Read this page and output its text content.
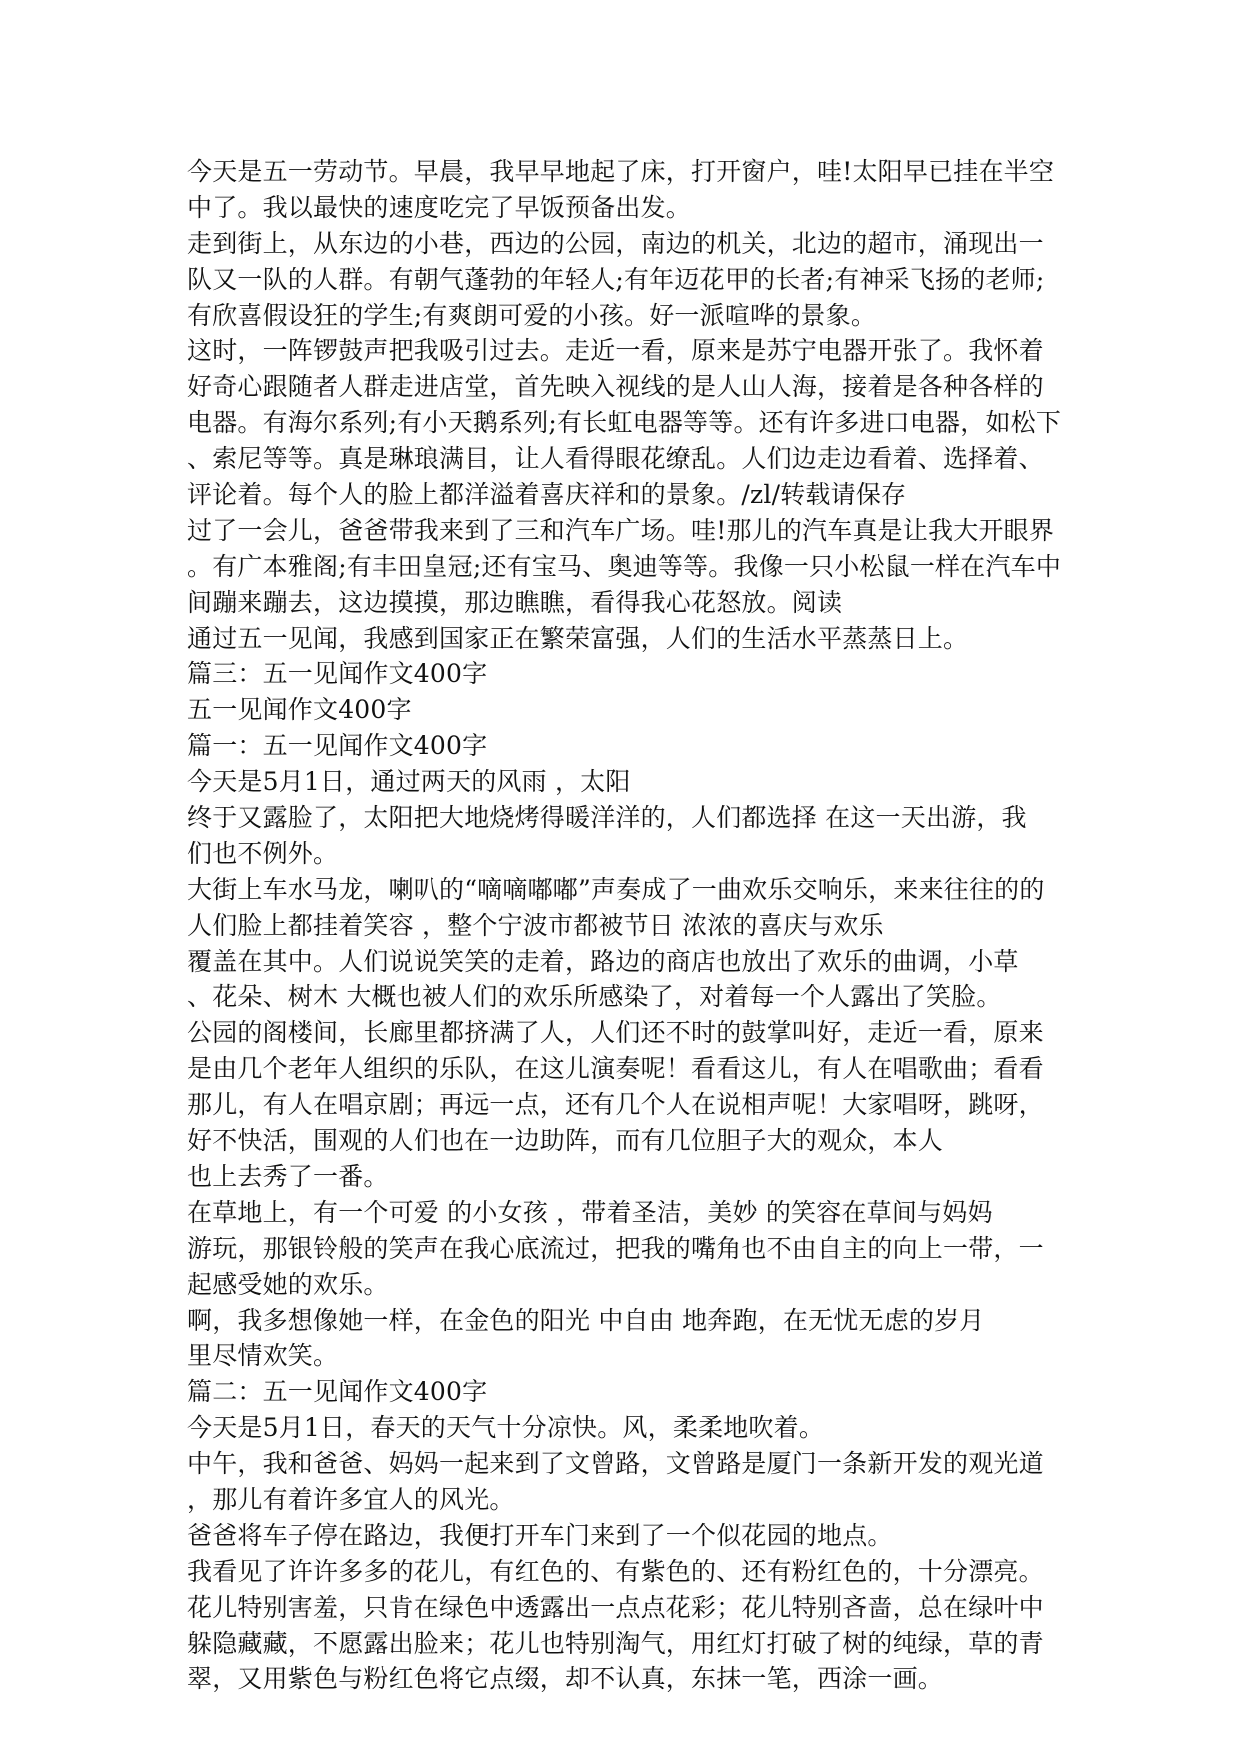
今天是五一劳动节。早晨，我早早地起了床，打开窗户，哇!太阳早已挂在半空
中了。我以最快的速度吃完了早饭预备出发。
走到街上，从东边的小巷，西边的公园，南边的机关，北边的超市，涌现出一
队又一队的人群。有朝气蓬勃的年轻人;有年迈花甲的长者;有神采飞扬的老师;
有欣喜假设狂的学生;有爽朗可爱的小孩。好一派喧哗的景象。
这时，一阵锣鼓声把我吸引过去。走近一看，原来是苏宁电器开张了。我怀着
好奇心跟随者人群走进店堂，首先映入视线的是人山人海，接着是各种各样的
电器。有海尔系列;有小天鹅系列;有长虹电器等等。还有许多进口电器，如松下
、索尼等等。真是琳琅满目，让人看得眼花缭乱。人们边走边看着、选择着、
评论着。每个人的脸上都洋溢着喜庆祥和的景象。/zl/转载请保存
过了一会儿，爸爸带我来到了三和汽车广场。哇!那儿的汽车真是让我大开眼界
。有广本雅阁;有丰田皇冠;还有宝马、奥迪等等。我像一只小松鼠一样在汽车中
间蹦来蹦去，这边摸摸，那边瞧瞧，看得我心花怒放。阅读
通过五一见闻，我感到国家正在繁荣富强，人们的生活水平蒸蒸日上。
篇三：五一见闻作文400字
五一见闻作文400字
篇一：五一见闻作文400字
今天是5月1日，通过两天的风雨 ，太阳
终于又露脸了，太阳把大地烧烤得暖洋洋的，人们都选择 在这一天出游，我
们也不例外。
大街上车水马龙，喇叭的“嘀嘀嘟嘟”声奏成了一曲欢乐交响乐，来来往往的的
人们脸上都挂着笑容 ，整个宁波市都被节日 浓浓的喜庆与欢乐
覆盖在其中。人们说说笑笑的走着，路边的商店也放出了欢乐的曲调，小草
、花朵、树木 大概也被人们的欢乐所感染了，对着每一个人露出了笑脸。
公园的阁楼间，长廊里都挤满了人，人们还不时的鼓掌叫好，走近一看，原来
是由几个老年人组织的乐队，在这儿演奏呢！看看这儿，有人在唱歌曲；看看
那儿，有人在唱京剧；再远一点，还有几个人在说相声呢！大家唱呀，跳呀，
好不快活，围观的人们也在一边助阵，而有几位胆子大的观众，本人
也上去秀了一番。
在草地上，有一个可爱 的小女孩 ，带着圣洁，美妙 的笑容在草间与妈妈
游玩，那银铃般的笑声在我心底流过，把我的嘴角也不由自主的向上一带，一
起感受她的欢乐。
啊，我多想像她一样，在金色的阳光 中自由 地奔跑，在无忧无虑的岁月
里尽情欢笑。
篇二：五一见闻作文400字
今天是5月1日，春天的天气十分凉快。风，柔柔地吹着。
中午，我和爸爸、妈妈一起来到了文曾路，文曾路是厦门一条新开发的观光道
，那儿有着许多宜人的风光。
爸爸将车子停在路边，我便打开车门来到了一个似花园的地点。
我看见了许许多多的花儿，有红色的、有紫色的、还有粉红色的，十分漂亮。
花儿特别害羞，只肯在绿色中透露出一点点花彩；花儿特别吝啬，总在绿叶中
躲隐藏藏，不愿露出脸来；花儿也特别淘气，用红灯打破了树的纯绿，草的青
翠，又用紫色与粉红色将它点缀，却不认真，东抹一笔，西涂一画。
